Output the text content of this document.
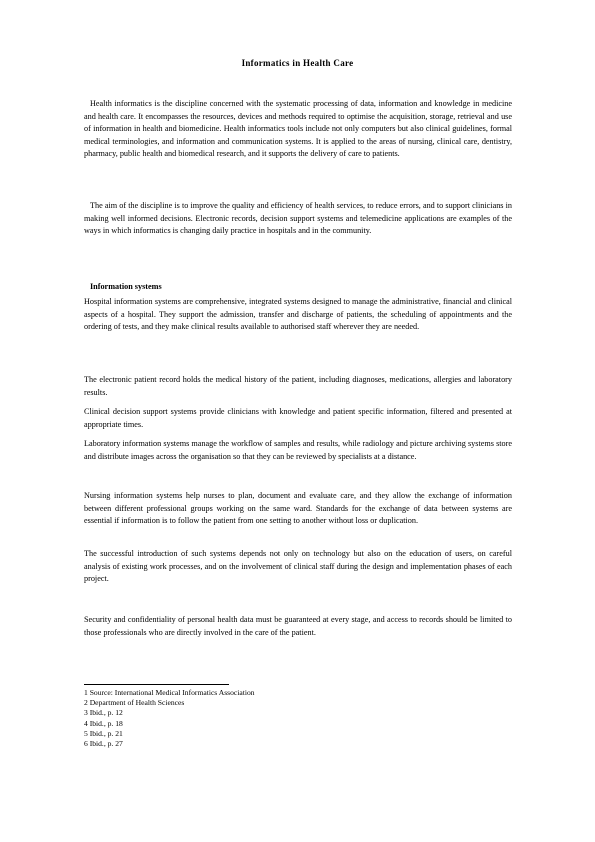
Informatics in Health Care

Health informatics is the discipline concerned with the systematic processing of data, information and knowledge in medicine and health care. It encompasses the resources, devices and methods required to optimise the acquisition, storage, retrieval and use of information in health and biomedicine. Health informatics tools include not only computers but also clinical guidelines, formal medical terminologies, and information and communication systems. It is applied to the areas of nursing, clinical care, dentistry, pharmacy, public health and biomedical research, and it supports the delivery of care to patients.

The aim of the discipline is to improve the quality and efficiency of health services, to reduce errors, and to support clinicians in making well informed decisions. Electronic records, decision support systems and telemedicine applications are examples of the ways in which informatics is changing daily practice in hospitals and in the community.

Information systems

Hospital information systems are comprehensive, integrated systems designed to manage the administrative, financial and clinical aspects of a hospital. They support the admission, transfer and discharge of patients, the scheduling of appointments and the ordering of tests, and they make clinical results available to authorised staff wherever they are needed.

The electronic patient record holds the medical history of the patient, including diagnoses, medications, allergies and laboratory results.

Clinical decision support systems provide clinicians with knowledge and patient specific information, filtered and presented at appropriate times.

Laboratory information systems manage the workflow of samples and results, while radiology and picture archiving systems store and distribute images across the organisation so that they can be reviewed by specialists at a distance.

Nursing information systems help nurses to plan, document and evaluate care, and they allow the exchange of information between different professional groups working on the same ward. Standards for the exchange of data between systems are essential if information is to follow the patient from one setting to another without loss or duplication.

The successful introduction of such systems depends not only on technology but also on the education of users, on careful analysis of existing work processes, and on the involvement of clinical staff during the design and implementation phases of each project.

Security and confidentiality of personal health data must be guaranteed at every stage, and access to records should be limited to those professionals who are directly involved in the care of the patient.

1 Source: International Medical Informatics Association
2 Department of Health Sciences
3 Ibid., p. 12
4 Ibid., p. 18
5 Ibid., p. 21
6 Ibid., p. 27
